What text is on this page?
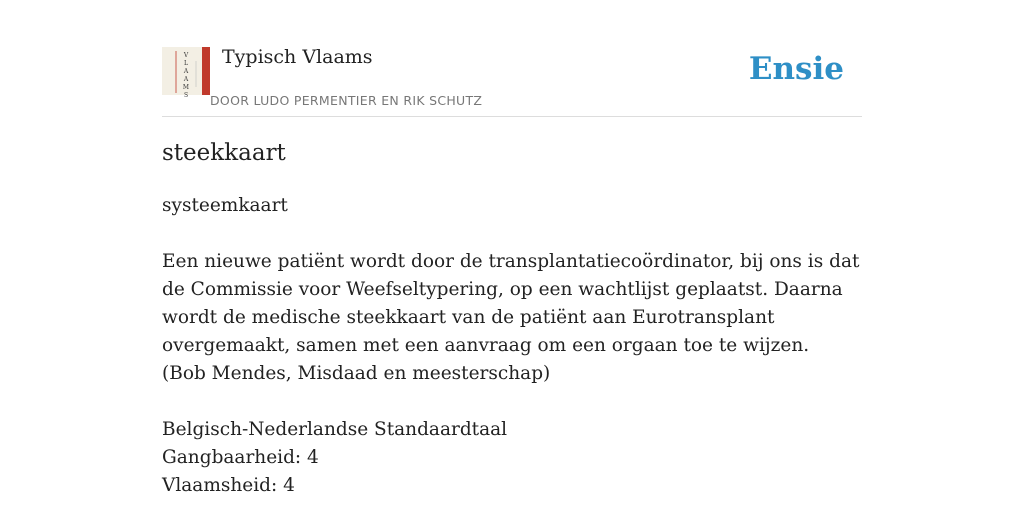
V
L
A
A
M
S
Typisch Vlaams
DOOR LUDO PERMENTIER EN RIK SCHUTZ
Ensie
steekkaart

systeemkaart

Een nieuwe patiënt wordt door de transplantatiecoördinator, bij ons is dat de Commissie voor Weefseltypering, op een wachtlijst geplaatst. Daarna wordt de medische steekkaart van de patiënt aan Eurotransplant overgemaakt, samen met een aanvraag om een orgaan toe te wijzen.

(Bob Mendes, Misdaad en meesterschap)

Belgisch-Nederlandse Standaardtaal

Gangbaarheid: 4

Vlaamsheid: 4
